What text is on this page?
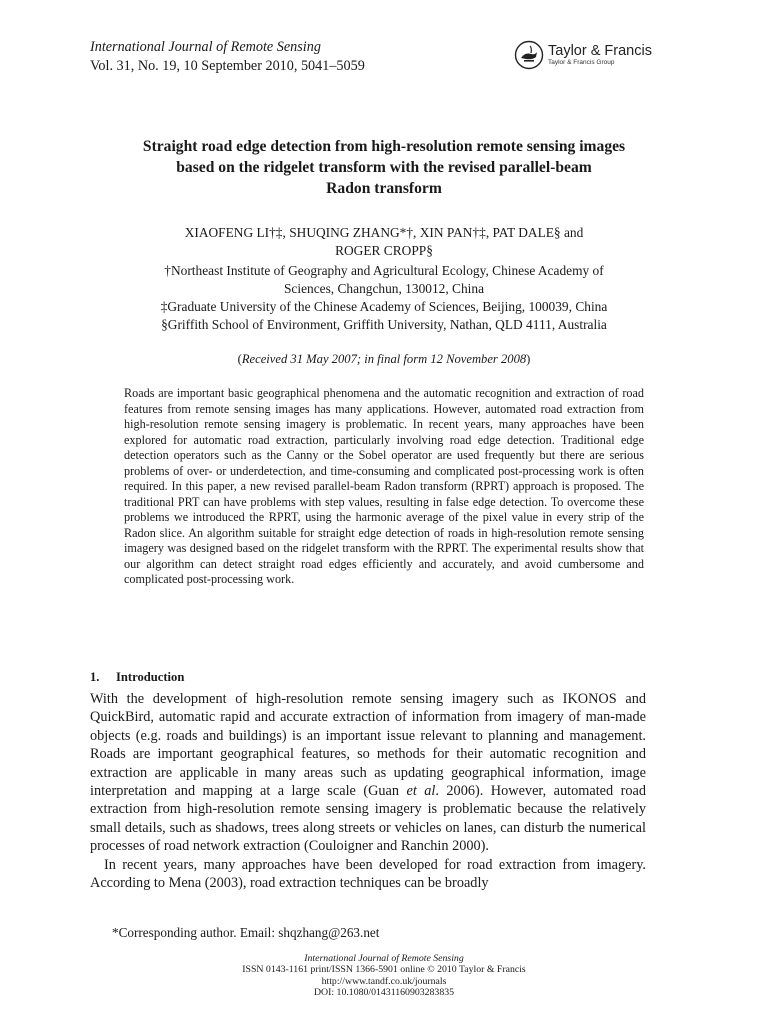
International Journal of Remote Sensing
Vol. 31, No. 19, 10 September 2010, 5041–5059
Taylor & Francis
Taylor & Francis Group
Straight road edge detection from high-resolution remote sensing images
based on the ridgelet transform with the revised parallel-beam
Radon transform
XIAOFENG LI†‡, SHUQING ZHANG*†, XIN PAN†‡, PAT DALE§ and
ROGER CROPP§
†Northeast Institute of Geography and Agricultural Ecology, Chinese Academy of
Sciences, Changchun, 130012, China
‡Graduate University of the Chinese Academy of Sciences, Beijing, 100039, China
§Griffith School of Environment, Griffith University, Nathan, QLD 4111, Australia
(Received 31 May 2007; in final form 12 November 2008)

Roads are important basic geographical phenomena and the automatic recognition and extraction of road features from remote sensing images has many applications. However, automated road extraction from high-resolution remote sensing imagery is problematic. In recent years, many approaches have been explored for automatic road extraction, particularly involving road edge detection. Traditional edge detection operators such as the Canny or the Sobel operator are used frequently but there are serious problems of over- or underdetection, and time-consuming and complicated post-processing work is often required. In this paper, a new revised parallel-beam Radon transform (RPRT) approach is proposed. The traditional PRT can have problems with step values, resulting in false edge detection. To overcome these problems we introduced the RPRT, using the harmonic average of the pixel value in every strip of the Radon slice. An algorithm suitable for straight edge detection of roads in high-resolution remote sensing imagery was designed based on the ridgelet transform with the RPRT. The experimental results show that our algorithm can detect straight road edges efficiently and accurately, and avoid cumbersome and complicated post-processing work.

1. Introduction

With the development of high-resolution remote sensing imagery such as IKONOS and QuickBird, automatic rapid and accurate extraction of information from imagery of man-made objects (e.g. roads and buildings) is an important issue relevant to planning and management. Roads are important geographical features, so methods for their automatic recognition and extraction are applicable in many areas such as updating geographical information, image interpretation and mapping at a large scale (Guan et al. 2006). However, automated road extraction from high-resolution remote sensing imagery is problematic because the relatively small details, such as shadows, trees along streets or vehicles on lanes, can disturb the numerical processes of road network extraction (Couloigner and Ranchin 2000).

In recent years, many approaches have been developed for road extraction from imagery. According to Mena (2003), road extraction techniques can be broadly

*Corresponding author. Email: shqzhang@263.net
International Journal of Remote Sensing
ISSN 0143-1161 print/ISSN 1366-5901 online © 2010 Taylor & Francis
http://www.tandf.co.uk/journals
DOI: 10.1080/01431160903283835
